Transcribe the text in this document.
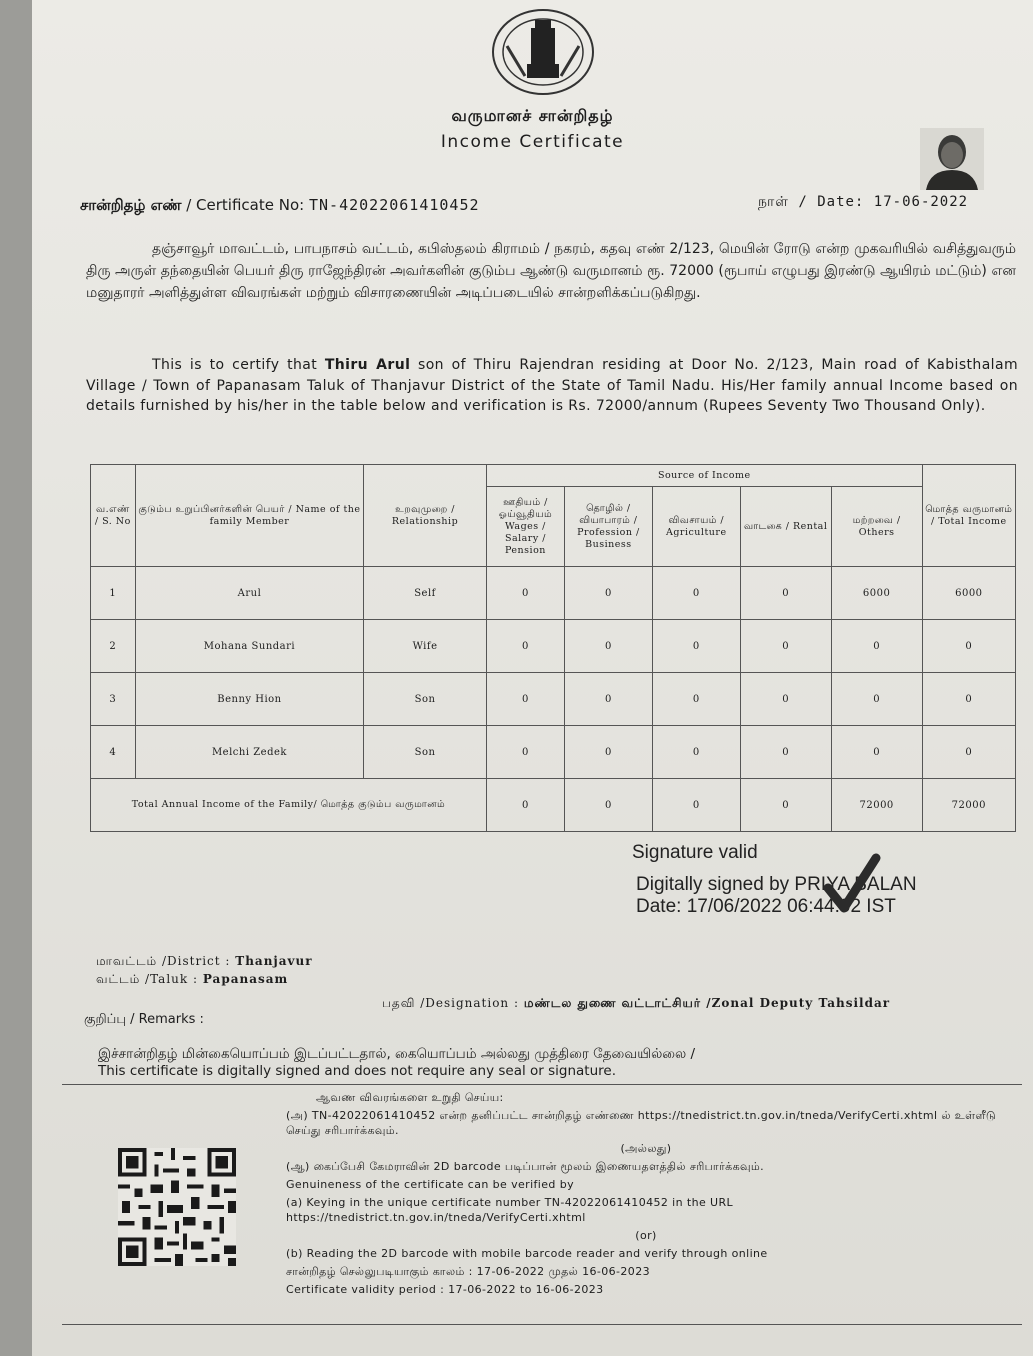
வருமானச் சான்றிதழ்
Income Certificate
சான்றிதழ் எண் / Certificate No: TN-42022061410452	நாள் / Date: 17-06-2022
தஞ்சாவூர் மாவட்டம், பாபநாசம் வட்டம், கபிஸ்தலம் கிராமம் / நகரம், கதவு எண் 2/123, மெயின் ரோடு என்ற முகவரியில் வசித்துவரும் திரு அருள் தந்தையின் பெயர் திரு ராஜேந்திரன் அவர்களின் குடும்ப ஆண்டு வருமானம் ரூ. 72000 (ரூபாய் எழுபது இரண்டு ஆயிரம் மட்டும்) என மனுதாரர் அளித்துள்ள விவரங்கள் மற்றும் விசாரணையின் அடிப்படையில் சான்றளிக்கப்படுகிறது.
This is to certify that Thiru Arul son of Thiru Rajendran residing at Door No. 2/123, Main road of Kabisthalam Village / Town of Papanasam Taluk of Thanjavur District of the State of Tamil Nadu. His/Her family annual Income based on details furnished by his/her in the table below and verification is Rs. 72000/annum (Rupees Seventy Two Thousand Only).
வ.எண் / S. No	குடும்ப உறுப்பினர்களின் பெயர் / Name of the family Member	உறவுமுறை / Relationship	Source of Income					மொத்த வருமானம் / Total Income
			ஊதியம் / ஓய்வூதியம் Wages / Salary / Pension	தொழில் / வியாபாரம் / Profession / Business	விவசாயம் / Agriculture	வாடகை / Rental	மற்றவை / Others	
1	Arul	Self	0	0	0	0	6000	6000
2	Mohana Sundari	Wife	0	0	0	0	0	0
3	Benny Hion	Son	0	0	0	0	0	0
4	Melchi Zedek	Son	0	0	0	0	0	0
Total Annual Income of the Family/ மொத்த குடும்ப வருமானம்			0	0	0	0	72000	72000
Signature valid
Digitally signed by PRIYA BALAN
Date: 17/06/2022 06:44:02 IST
மாவட்டம் /District : Thanjavur
வட்டம் /Taluk : Papanasam
பதவி /Designation : மண்டல துணை வட்டாட்சியர் /Zonal Deputy Tahsildar
குறிப்பு / Remarks :
இச்சான்றிதழ் மின்கையொப்பம் இடப்பட்டதால், கையொப்பம் அல்லது முத்திரை தேவையில்லை /
This certificate is digitally signed and does not require any seal or signature.
ஆவண விவரங்களை உறுதி செய்ய:
(அ) TN-42022061410452 என்ற தனிப்பட்ட சான்றிதழ் எண்ணை https://tnedistrict.tn.gov.in/tneda/VerifyCerti.xhtml ல் உள்ளீடு செய்து சரிபார்க்கவும்.
(அல்லது)
(ஆ) கைப்பேசி கேமராவின் 2D barcode படிப்பான் மூலம் இணையதளத்தில் சரிபார்க்கவும்.
Genuineness of the certificate can be verified by
(a) Keying in the unique certificate number TN-42022061410452 in the URL https://tnedistrict.tn.gov.in/tneda/VerifyCerti.xhtml
(or)
(b) Reading the 2D barcode with mobile barcode reader and verify through online
சான்றிதழ் செல்லுபடியாகும் காலம் : 17-06-2022 முதல் 16-06-2023
Certificate validity period : 17-06-2022 to 16-06-2023
